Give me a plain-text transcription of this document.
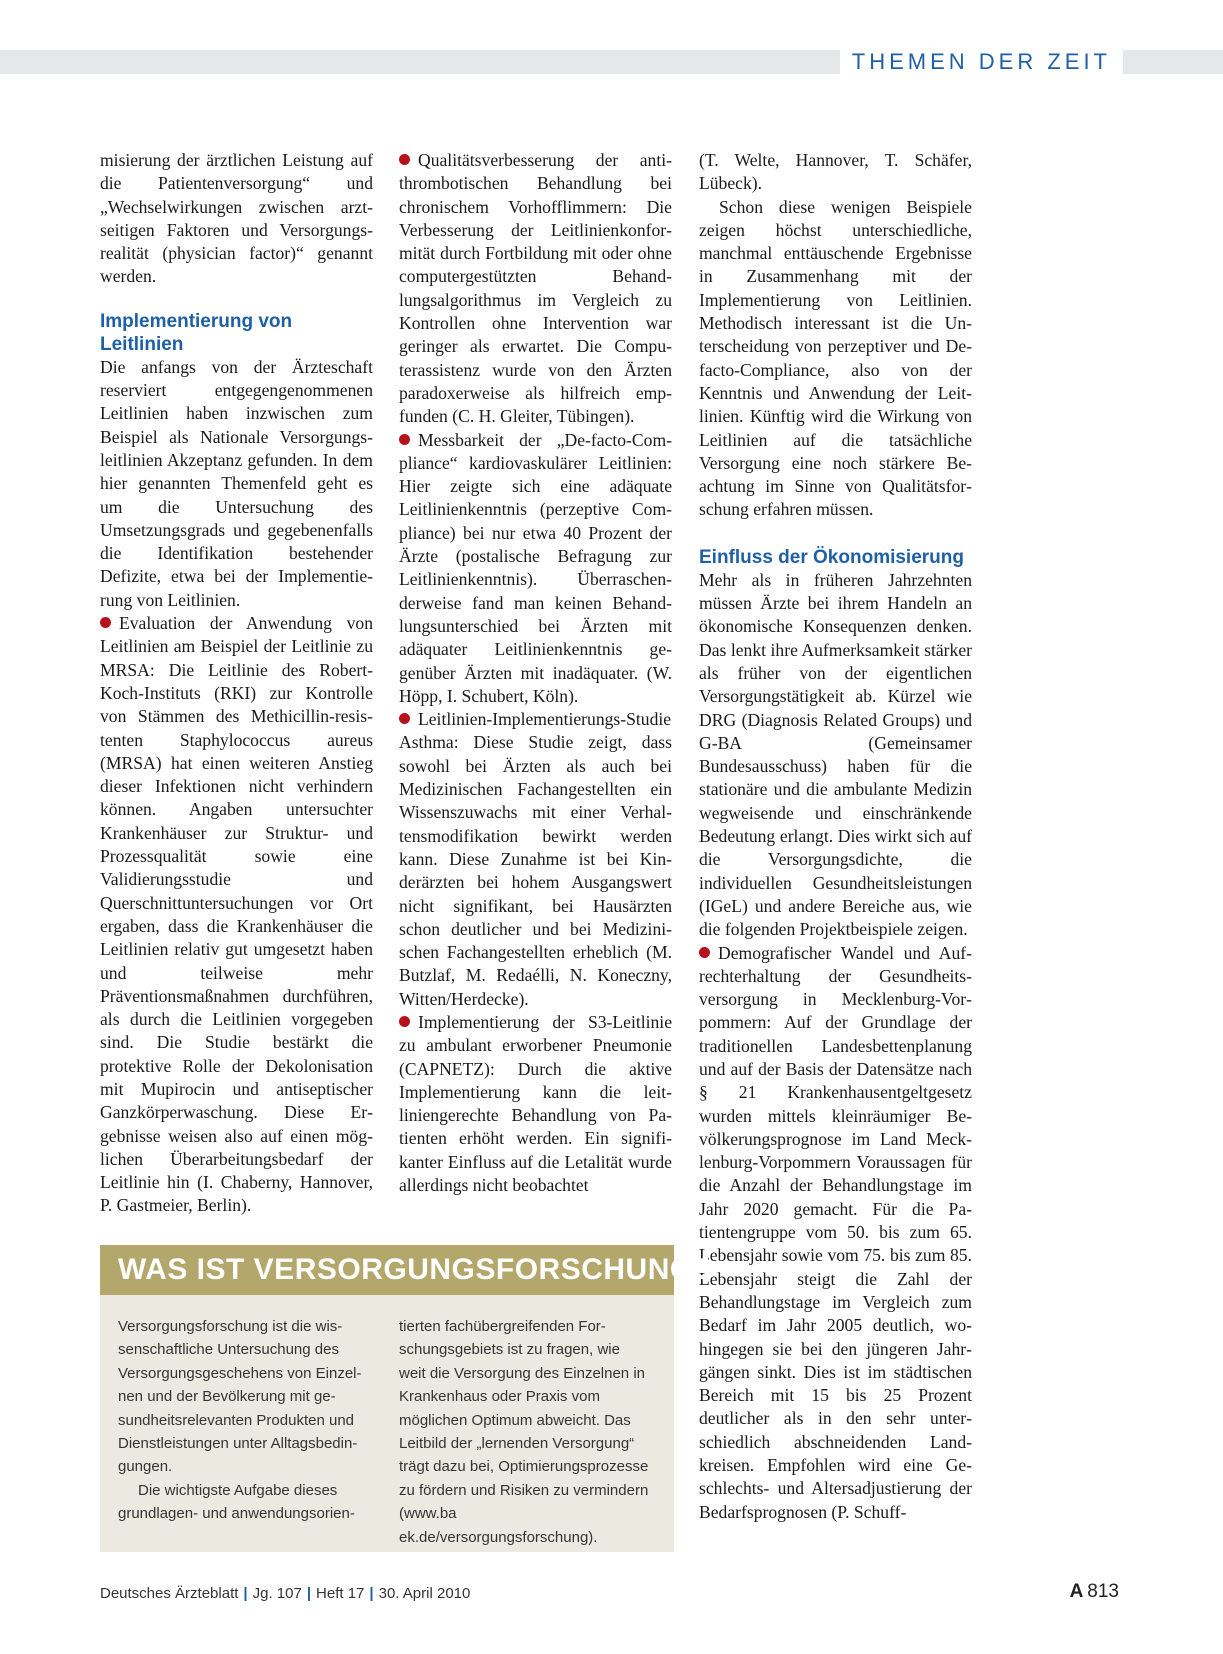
THEMEN DER ZEIT

misierung der ärztlichen Leistung auf die Patientenversorgung“ und „Wechselwirkungen zwischen arztseitigen Faktoren und Versorgungsrealität (physician factor)“ genannt werden.

Implementierung von Leitlinien

Die anfangs von der Ärzteschaft reserviert entgegengenommenen Leitlinien haben inzwischen zum Beispiel als Nationale Versorgungsleitlinien Akzeptanz gefunden. In dem hier genannten Themenfeld geht es um die Untersuchung des Umsetzungsgrads und gegebenenfalls die Identifikation bestehender Defizite, etwa bei der Implementierung von Leitlinien.

Evaluation der Anwendung von Leitlinien am Beispiel der Leitlinie zu MRSA: Die Leitlinie des Robert-Koch-Instituts (RKI) zur Kontrolle von Stämmen des Methicillin-resistenten Staphylococcus aureus (MRSA) hat einen weiteren Anstieg dieser Infektionen nicht verhindern können. Angaben untersuchter Krankenhäuser zur Struktur- und Prozessqualität sowie eine Validierungsstudie und Querschnittuntersuchungen vor Ort ergaben, dass die Krankenhäuser die Leitlinien relativ gut umgesetzt haben und teilweise mehr Präventionsmaßnahmen durchführen, als durch die Leitlinien vorgegeben sind. Die Studie bestärkt die protektive Rolle der Dekolonisation mit Mupirocin und antiseptischer Ganzkörperwaschung. Diese Ergebnisse weisen also auf einen möglichen Überarbeitungsbedarf der Leitlinie hin (I. Chaberny, Hannover, P. Gastmeier, Berlin).

Qualitätsverbesserung der antithrombotischen Behandlung bei chronischem Vorhofflimmern: Die Verbesserung der Leitlinienkonformität durch Fortbildung mit oder ohne computergestützten Behandlungsalgorithmus im Vergleich zu Kontrollen ohne Intervention war geringer als erwartet. Die Computerassistenz wurde von den Ärzten paradoxerweise als hilfreich empfunden (C. H. Gleiter, Tübingen).

Messbarkeit der „De-facto-Compliance“ kardiovaskulärer Leitlinien: Hier zeigte sich eine adäquate Leitlinienkenntnis (perzeptive Compliance) bei nur etwa 40 Prozent der Ärzte (postalische Befragung zur Leitlinienkenntnis). Überraschenderweise fand man keinen Behandlungsunterschied bei Ärzten mit adäquater Leitlinienkenntnis gegenüber Ärzten mit inadäquater. (W. Höpp, I. Schubert, Köln).

Leitlinien-Implementierungs-Studie Asthma: Diese Studie zeigt, dass sowohl bei Ärzten als auch bei Medizinischen Fachangestellten ein Wissenszuwachs mit einer Verhaltensmodifikation bewirkt werden kann. Diese Zunahme ist bei Kinderärzten bei hohem Ausgangswert nicht signifikant, bei Hausärzten schon deutlicher und bei Medizinischen Fachangestellten erheblich (M. Butzlaf, M. Redaélli, N. Koneczny, Witten/Herdecke).

Implementierung der S3-Leitlinie zu ambulant erworbener Pneumonie (CAPNETZ): Durch die aktive Implementierung kann die leitliniengerechte Behandlung von Patienten erhöht werden. Ein signifikanter Einfluss auf die Letalität wurde allerdings nicht beobachtet

(T. Welte, Hannover, T. Schäfer, Lübeck).

Schon diese wenigen Beispiele zeigen höchst unterschiedliche, manchmal enttäuschende Ergebnisse in Zusammenhang mit der Implementierung von Leitlinien. Methodisch interessant ist die Unterscheidung von perzeptiver und De-facto-Compliance, also von der Kenntnis und Anwendung der Leitlinien. Künftig wird die Wirkung von Leitlinien auf die tatsächliche Versorgung eine noch stärkere Beachtung im Sinne von Qualitätsforschung erfahren müssen.

Einfluss der Ökonomisierung

Mehr als in früheren Jahrzehnten müssen Ärzte bei ihrem Handeln an ökonomische Konsequenzen denken. Das lenkt ihre Aufmerksamkeit stärker als früher von der eigentlichen Versorgungstätigkeit ab. Kürzel wie DRG (Diagnosis Related Groups) und G-BA (Gemeinsamer Bundesausschuss) haben für die stationäre und die ambulante Medizin wegweisende und einschränkende Bedeutung erlangt. Dies wirkt sich auf die Versorgungsdichte, die individuellen Gesundheitsleistungen (IGeL) und andere Bereiche aus, wie die folgenden Projektbeispiele zeigen.

Demografischer Wandel und Aufrechterhaltung der Gesundheitsversorgung in Mecklenburg-Vorpommern: Auf der Grundlage der traditionellen Landesbettenplanung und auf der Basis der Datensätze nach § 21 Krankenhausentgeltgesetz wurden mittels kleinräumiger Bevölkerungsprognose im Land Mecklenburg-Vorpommern Voraussagen für die Anzahl der Behandlungstage im Jahr 2020 gemacht. Für die Patientengruppe vom 50. bis zum 65. Lebensjahr sowie vom 75. bis zum 85. Lebensjahr steigt die Zahl der Behandlungstage im Vergleich zum Bedarf im Jahr 2005 deutlich, wohingegen sie bei den jüngeren Jahrgängen sinkt. Dies ist im städtischen Bereich mit 15 bis 25 Prozent deutlicher als in den sehr unterschiedlich abschneidenden Landkreisen. Empfohlen wird eine Geschlechts- und Altersadjustierung der Bedarfsprognosen (P. Schuff-

WAS IST VERSORGUNGSFORSCHUNG?

Versorgungsforschung ist die wissenschaftliche Untersuchung des Versorgungsgeschehens von Einzelnen und der Bevölkerung mit gesundheitsrelevanten Produkten und Dienstleistungen unter Alltagsbedingungen.

Die wichtigste Aufgabe dieses grundlagen- und anwendungsorien-

tierten fachübergreifenden Forschungsgebiets ist zu fragen, wie weit die Versorgung des Einzelnen in Krankenhaus oder Praxis vom möglichen Optimum abweicht. Das Leitbild der „lernenden Versorgung“ trägt dazu bei, Optimierungsprozesse zu fördern und Risiken zu vermindern (www.ba ek.de/versorgungsforschung).

Deutsches Ärzteblatt | Jg. 107 | Heft 17 | 30. April 2010	A 813
